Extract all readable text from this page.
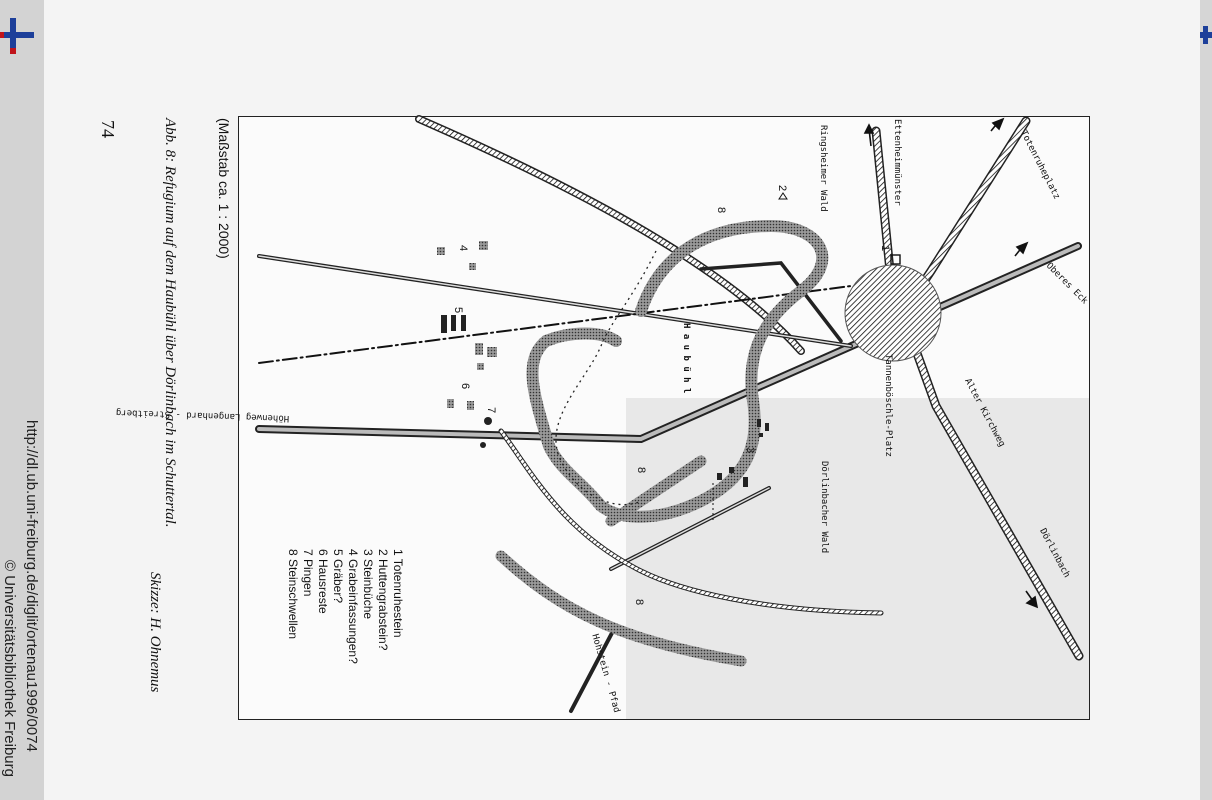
74	Abb. 8: Refugium auf dem Haubühl über Dörlinbach im Schuttertal.
Skizze: H. Ohnemus
(Maßstab ca. 1 : 2000)
http://dl.ub.uni-freiburg.de/diglit/ortenau1996/0074
© Universitätsbibliothek Freiburg
Totenruheplatz
Ettenheimmünster
Ringsheimer Wald
Oberes Eck
Tannenböschle-Platz	Alter Kirchweg
Dörlinbacher Wald
Dörlinbach
Höhenweg Langenhard - Streitberg
H a u b ü h l
Hohstein - Pfad
1
2
3
4
5
6
7
8
8
8
1 Totenruhestein
2 Huttengrabstein?
3 Steinbüche
4 Grabeinfassungen?
5 Gräber?
6 Hausreste
7 Pingen
8 Steinschwellen
